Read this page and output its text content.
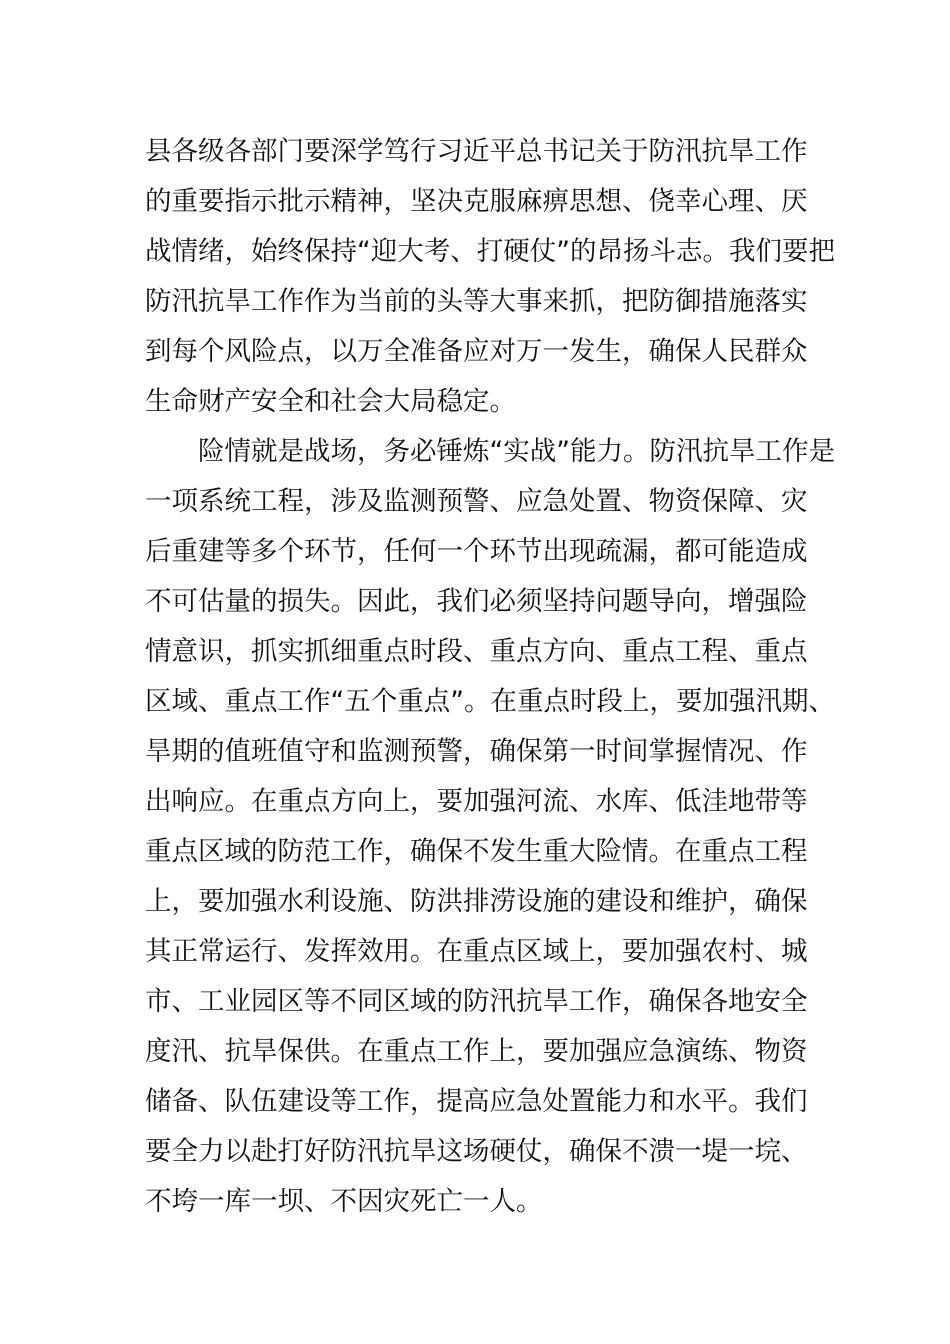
县各级各部门要深学笃行习近平总书记关于防汛抗旱工作
的重要指示批示精神，坚决克服麻痹思想、侥幸心理、厌
战情绪，始终保持“迎大考、打硬仗”的昂扬斗志。我们要把
防汛抗旱工作作为当前的头等大事来抓，把防御措施落实
到每个风险点，以万全准备应对万一发生，确保人民群众
生命财产安全和社会大局稳定。
险情就是战场，务必锤炼“实战”能力。防汛抗旱工作是
一项系统工程，涉及监测预警、应急处置、物资保障、灾
后重建等多个环节，任何一个环节出现疏漏，都可能造成
不可估量的损失。因此，我们必须坚持问题导向，增强险
情意识，抓实抓细重点时段、重点方向、重点工程、重点
区域、重点工作“五个重点”。在重点时段上，要加强汛期、
旱期的值班值守和监测预警，确保第一时间掌握情况、作
出响应。在重点方向上，要加强河流、水库、低洼地带等
重点区域的防范工作，确保不发生重大险情。在重点工程
上，要加强水利设施、防洪排涝设施的建设和维护，确保
其正常运行、发挥效用。在重点区域上，要加强农村、城
市、工业园区等不同区域的防汛抗旱工作，确保各地安全
度汛、抗旱保供。在重点工作上，要加强应急演练、物资
储备、队伍建设等工作，提高应急处置能力和水平。我们
要全力以赴打好防汛抗旱这场硬仗，确保不溃一堤一垸、
不垮一库一坝、不因灾死亡一人。
